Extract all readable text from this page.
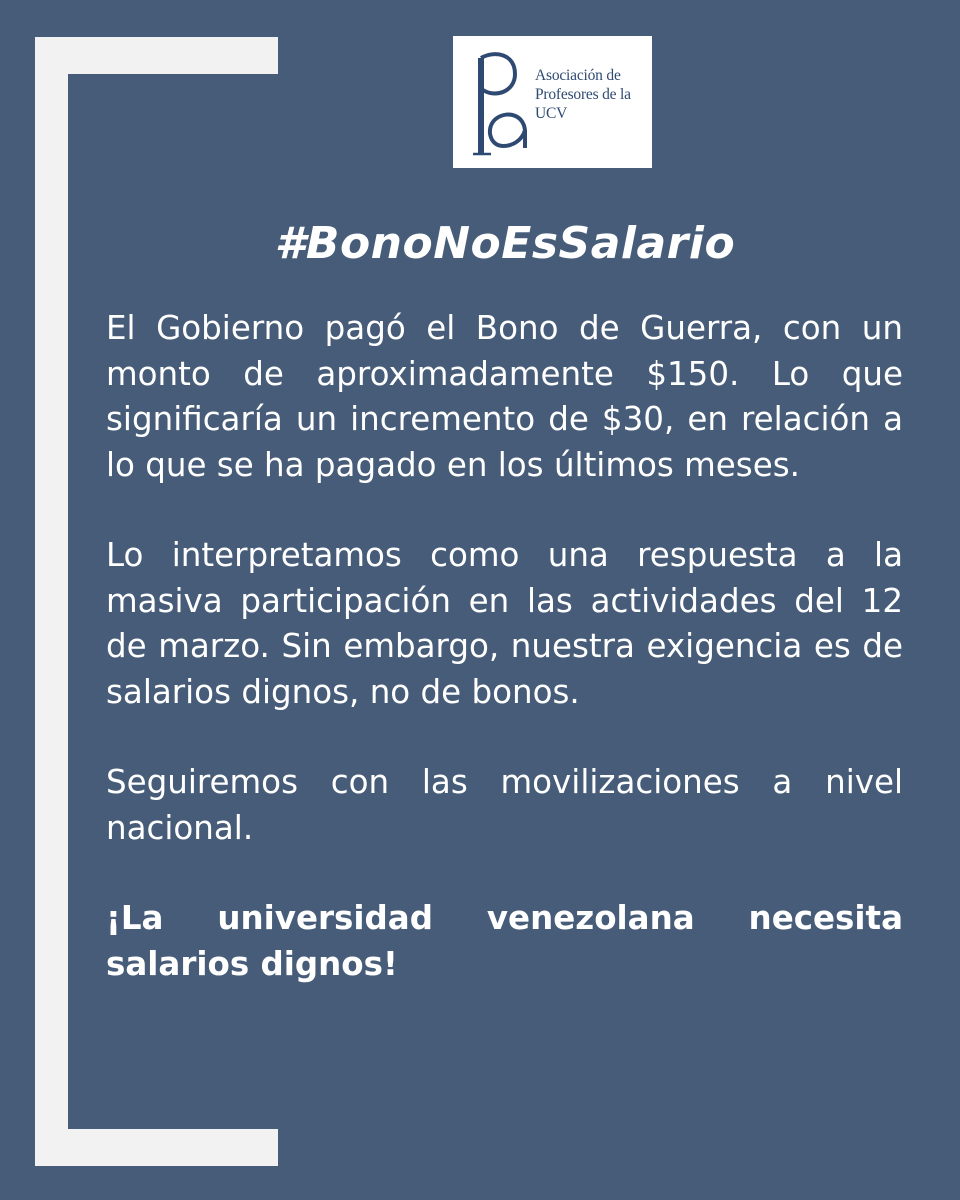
Asociación de
Profesores de la
UCV
#BonoNoEsSalario

El Gobierno pagó el Bono de Guerra, con un monto de aproximadamente $150. Lo que significaría un incremento de $30, en relación a lo que se ha pagado en los últimos meses.

Lo interpretamos como una respuesta a la masiva participación en las actividades del 12 de marzo. Sin embargo, nuestra exigencia es de salarios dignos, no de bonos.

Seguiremos con las movilizaciones a nivel nacional.

¡La universidad venezolana necesita salarios dignos!
